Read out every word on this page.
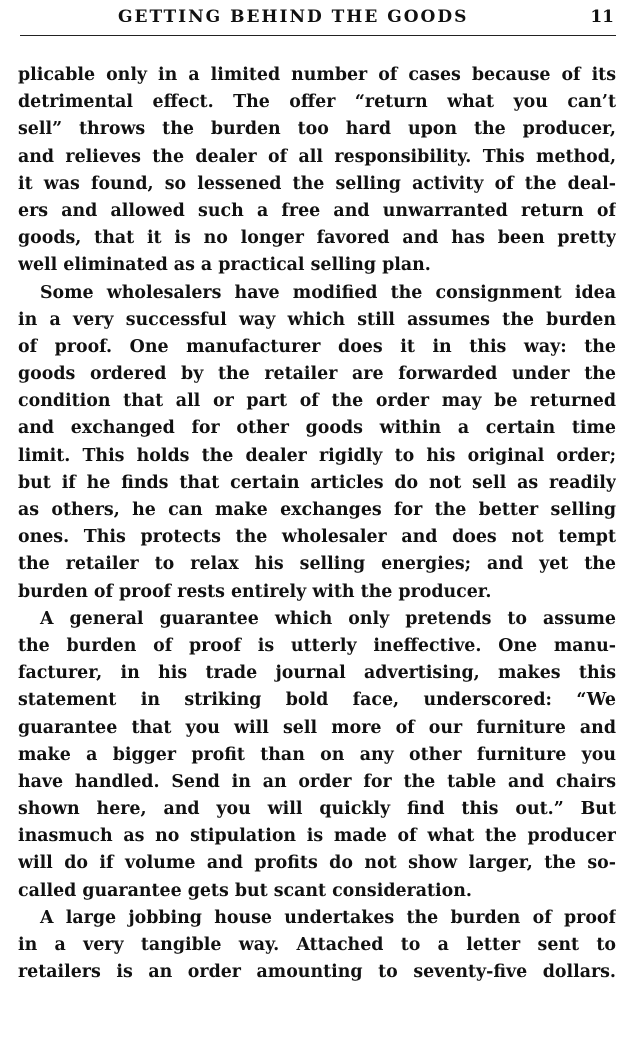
GETTING BEHIND THE GOODS	11
plicable only in a limited number of cases because of its
detrimental effect. The offer “return what you can’t
sell” throws the burden too hard upon the producer,
and relieves the dealer of all responsibility. This method,
it was found, so lessened the selling activity of the deal-
ers and allowed such a free and unwarranted return of
goods, that it is no longer favored and has been pretty
well eliminated as a practical selling plan.
Some wholesalers have modified the consignment idea
in a very successful way which still assumes the burden
of proof. One manufacturer does it in this way: the
goods ordered by the retailer are forwarded under the
condition that all or part of the order may be returned
and exchanged for other goods within a certain time
limit. This holds the dealer rigidly to his original order;
but if he finds that certain articles do not sell as readily
as others, he can make exchanges for the better selling
ones. This protects the wholesaler and does not tempt
the retailer to relax his selling energies; and yet the
burden of proof rests entirely with the producer.
A general guarantee which only pretends to assume
the burden of proof is utterly ineffective. One manu-
facturer, in his trade journal advertising, makes this
statement in striking bold face, underscored: “We
guarantee that you will sell more of our furniture and
make a bigger profit than on any other furniture you
have handled. Send in an order for the table and chairs
shown here, and you will quickly find this out.” But
inasmuch as no stipulation is made of what the producer
will do if volume and profits do not show larger, the so-
called guarantee gets but scant consideration.
A large jobbing house undertakes the burden of proof
in a very tangible way. Attached to a letter sent to
retailers is an order amounting to seventy-five dollars.
